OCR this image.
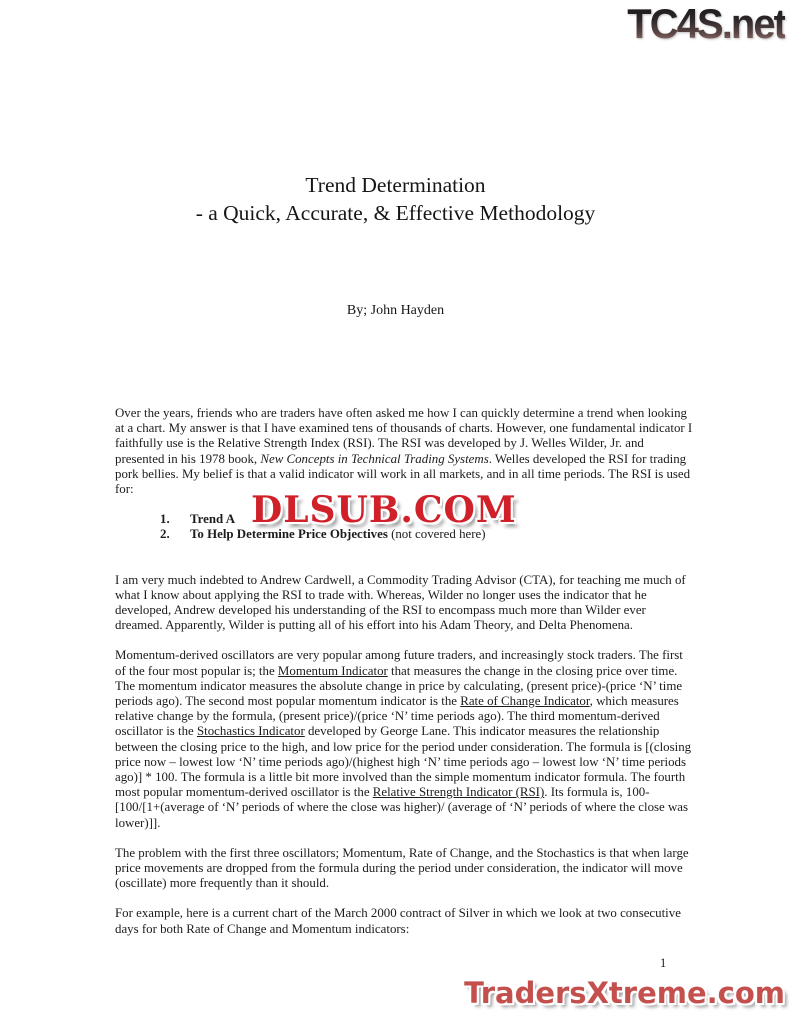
TC4S.net
Trend Determination
- a Quick, Accurate, & Effective Methodology
By; John Hayden

Over the years, friends who are traders have often asked me how I can quickly determine a trend when looking at a chart. My answer is that I have examined tens of thousands of charts. However, one fundamental indicator I faithfully use is the Relative Strength Index (RSI). The RSI was developed by J. Welles Wilder, Jr. and presented in his 1978 book, New Concepts in Technical Trading Systems. Welles developed the RSI for trading pork bellies. My belief is that a valid indicator will work in all markets, and in all time periods. The RSI is used for:

1.	Trend A
2.	To Help Determine Price Objectives (not covered here)

I am very much indebted to Andrew Cardwell, a Commodity Trading Advisor (CTA), for teaching me much of what I know about applying the RSI to trade with. Whereas, Wilder no longer uses the indicator that he developed, Andrew developed his understanding of the RSI to encompass much more than Wilder ever dreamed. Apparently, Wilder is putting all of his effort into his Adam Theory, and Delta Phenomena.

Momentum-derived oscillators are very popular among future traders, and increasingly stock traders. The first of the four most popular is; the Momentum Indicator that measures the change in the closing price over time. The momentum indicator measures the absolute change in price by calculating, (present price)-(price ‘N’ time periods ago). The second most popular momentum indicator is the Rate of Change Indicator, which measures relative change by the formula, (present price)/(price ‘N’ time periods ago). The third momentum-derived oscillator is the Stochastics Indicator developed by George Lane. This indicator measures the relationship between the closing price to the high, and low price for the period under consideration. The formula is [(closing price now – lowest low ‘N’ time periods ago)/(highest high ‘N’ time periods ago – lowest low ‘N’ time periods ago)] * 100. The formula is a little bit more involved than the simple momentum indicator formula. The fourth most popular momentum-derived oscillator is the Relative Strength Indicator (RSI). Its formula is, 100-[100/[1+(average of ‘N’ periods of where the close was higher)/ (average of ‘N’ periods of where the close was lower)]].

The problem with the first three oscillators; Momentum, Rate of Change, and the Stochastics is that when large price movements are dropped from the formula during the period under consideration, the indicator will move (oscillate) more frequently than it should.

For example, here is a current chart of the March 2000 contract of Silver in which we look at two consecutive days for both Rate of Change and Momentum indicators:

DLSUB.COM
1
TradersXtreme.com
